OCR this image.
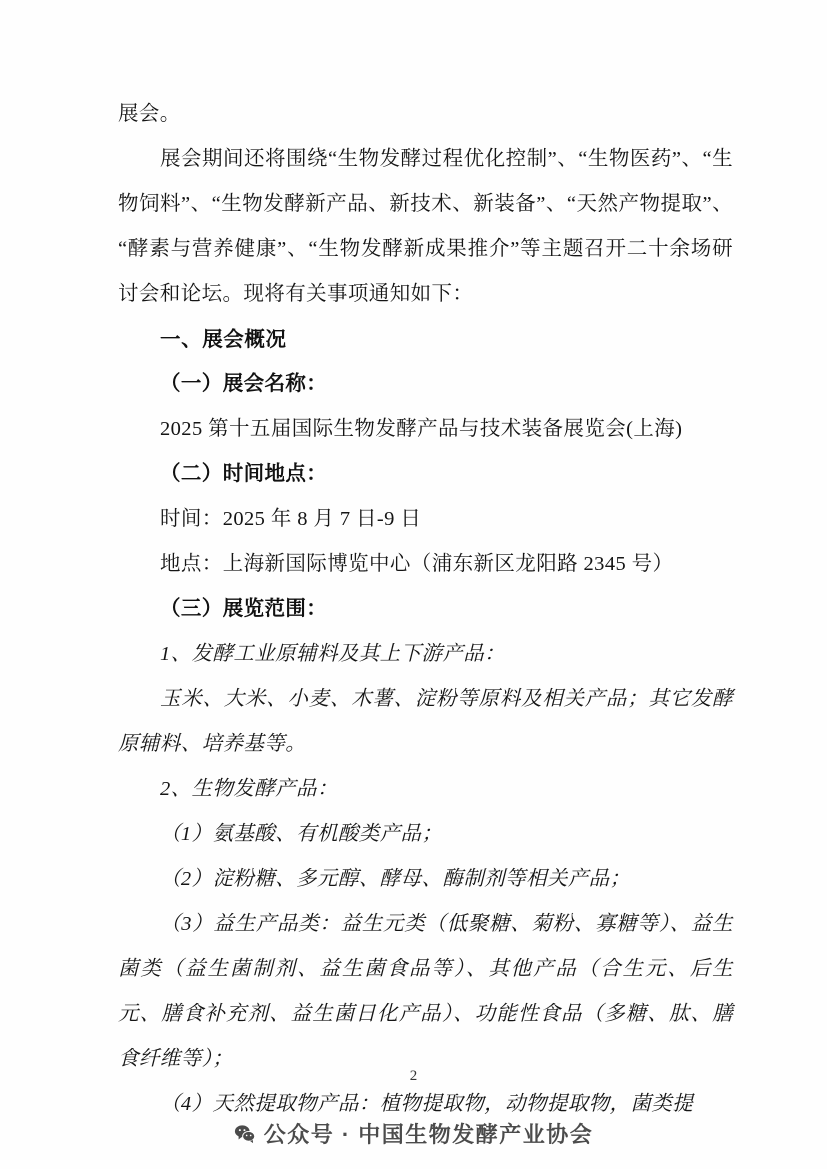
展会。

展会期间还将围绕“生物发酵过程优化控制”、“生物医药”、“生物饲料”、“生物发酵新产品、新技术、新装备”、“天然产物提取”、“酵素与营养健康”、“生物发酵新成果推介”等主题召开二十余场研讨会和论坛。现将有关事项通知如下：

一、展会概况

（一）展会名称：

2025 第十五届国际生物发酵产品与技术装备展览会(上海)

（二）时间地点：

时间：2025 年 8 月 7 日-9 日

地点：上海新国际博览中心（浦东新区龙阳路 2345 号）

（三）展览范围：

1、发酵工业原辅料及其上下游产品：

玉米、大米、小麦、木薯、淀粉等原料及相关产品；其它发酵原辅料、培养基等。

2、生物发酵产品：

（1）氨基酸、有机酸类产品；

（2）淀粉糖、多元醇、酵母、酶制剂等相关产品；

（3）益生产品类：益生元类（低聚糖、菊粉、寡糖等）、益生菌类（益生菌制剂、益生菌食品等）、其他产品（合生元、后生元、膳食补充剂、益生菌日化产品）、功能性食品（多糖、肽、膳食纤维等）；

（4）天然提取物产品：植物提取物，动物提取物，菌类提

2
公众号 · 中国生物发酵产业协会
